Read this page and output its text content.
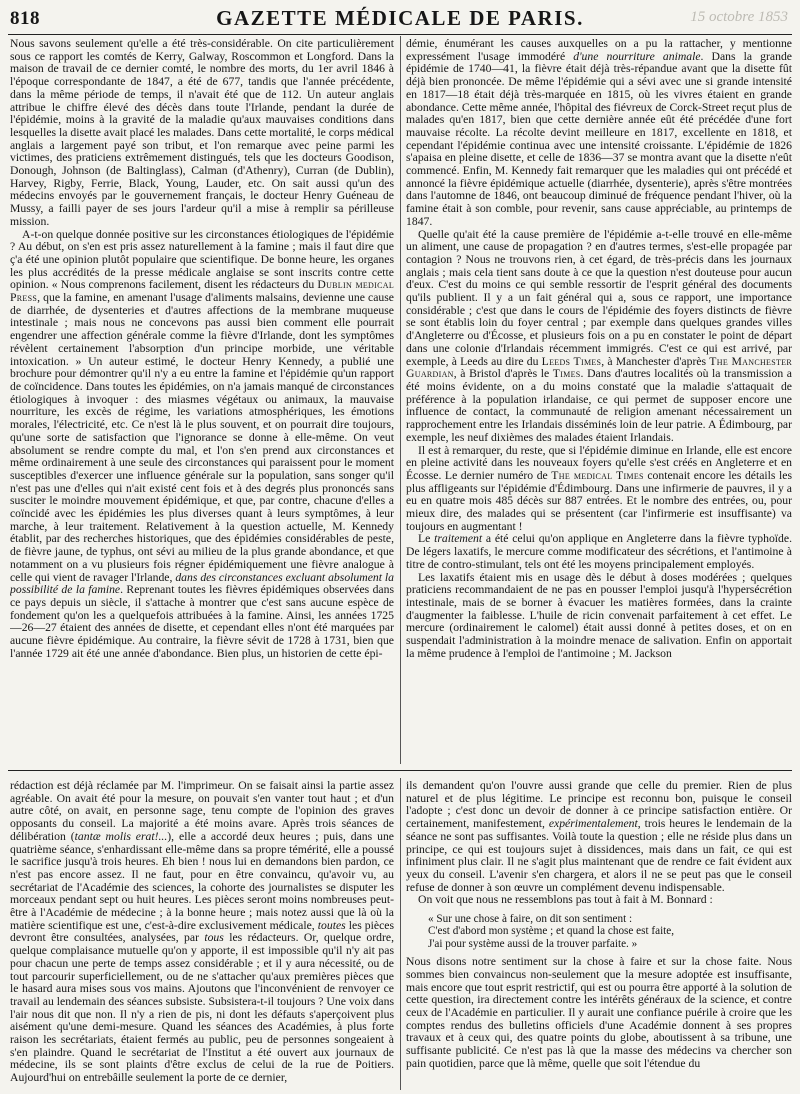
818	GAZETTE MÉDICALE DE PARIS.	15 octobre 1853

Nous savons seulement qu'elle a été très-considérable. On cite particulièrement sous ce rapport les comtés de Kerry, Galway, Roscommon et Longford. Dans la maison de travail de ce dernier comté, le nombre des morts, du 1er avril 1846 à l'époque correspondante de 1847, a été de 677, tandis que l'année précédente, dans la même période de temps, il n'avait été que de 112. Un auteur anglais attribue le chiffre élevé des décès dans toute l'Irlande, pendant la durée de l'épidémie, moins à la gravité de la maladie qu'aux mauvaises conditions dans lesquelles la disette avait placé les malades. Dans cette mortalité, le corps médical anglais a largement payé son tribut, et l'on remarque avec peine parmi les victimes, des praticiens extrêmement distingués, tels que les docteurs Goodison, Donough, Johnson (de Baltinglass), Calman (d'Athenry), Curran (de Dublin), Harvey, Rigby, Ferrie, Black, Young, Lauder, etc. On sait aussi qu'un des médecins envoyés par le gouvernement français, le docteur Henry Guéneau de Mussy, a failli payer de ses jours l'ardeur qu'il a mise à remplir sa périlleuse mission.

A-t-on quelque donnée positive sur les circonstances étiologiques de l'épidémie ? Au début, on s'en est pris assez naturellement à la famine ; mais il faut dire que ç'a été une opinion plutôt populaire que scientifique. De bonne heure, les organes les plus accrédités de la presse médicale anglaise se sont inscrits contre cette opinion. « Nous comprenons facilement, disent les rédacteurs du Dublin medical Press, que la famine, en amenant l'usage d'aliments malsains, devienne une cause de diarrhée, de dysenteries et d'autres affections de la membrane muqueuse intestinale ; mais nous ne concevons pas aussi bien comment elle pourrait engendrer une affection générale comme la fièvre d'Irlande, dont les symptômes révèlent certainement l'absorption d'un principe morbide, une véritable intoxication. » Un auteur estimé, le docteur Henry Kennedy, a publié une brochure pour démontrer qu'il n'y a eu entre la famine et l'épidémie qu'un rapport de coïncidence. Dans toutes les épidémies, on n'a jamais manqué de circonstances étiologiques à invoquer : des miasmes végétaux ou animaux, la mauvaise nourriture, les excès de régime, les variations atmosphériques, les émotions morales, l'électricité, etc. Ce n'est là le plus souvent, et on pourrait dire toujours, qu'une sorte de satisfaction que l'ignorance se donne à elle-même. On veut absolument se rendre compte du mal, et l'on s'en prend aux circonstances et même ordinairement à une seule des circonstances qui paraissent pour le moment susceptibles d'exercer une influence générale sur la population, sans songer qu'il n'est pas une d'elles qui n'ait existé cent fois et à des degrés plus prononcés sans susciter le moindre mouvement épidémique, et que, par contre, chacune d'elles a coïncidé avec les épidémies les plus diverses quant à leurs symptômes, à leur marche, à leur traitement. Relativement à la question actuelle, M. Kennedy établit, par des recherches historiques, que des épidémies considérables de peste, de fièvre jaune, de typhus, ont sévi au milieu de la plus grande abondance, et que notamment on a vu plusieurs fois régner épidémiquement une fièvre analogue à celle qui vient de ravager l'Irlande, dans des circonstances excluant absolument la possibilité de la famine. Reprenant toutes les fièvres épidémiques observées dans ce pays depuis un siècle, il s'attache à montrer que c'est sans aucune espèce de fondement qu'on les a quelquefois attribuées à la famine. Ainsi, les années 1725—26—27 étaient des années de disette, et cependant elles n'ont été marquées par aucune fièvre épidémique. Au contraire, la fièvre sévit de 1728 à 1731, bien que l'année 1729 ait été une année d'abondance. Bien plus, un historien de cette épi-

démie, énumérant les causes auxquelles on a pu la rattacher, y mentionne expressément l'usage immodéré d'une nourriture animale. Dans la grande épidémie de 1740—41, la fièvre était déjà très-répandue avant que la disette fût déjà bien prononcée. De même l'épidémie qui a sévi avec une si grande intensité en 1817—18 était déjà très-marquée en 1815, où les vivres étaient en grande abondance. Cette même année, l'hôpital des fiévreux de Corck-Street reçut plus de malades qu'en 1817, bien que cette dernière année eût été précédée d'une fort mauvaise récolte. La récolte devint meilleure en 1817, excellente en 1818, et cependant l'épidémie continua avec une intensité croissante. L'épidémie de 1826 s'apaisa en pleine disette, et celle de 1836—37 se montra avant que la disette n'eût commencé. Enfin, M. Kennedy fait remarquer que les maladies qui ont précédé et annoncé la fièvre épidémique actuelle (diarrhée, dysenterie), après s'être montrées dans l'automne de 1846, ont beaucoup diminué de fréquence pendant l'hiver, où la famine était à son comble, pour revenir, sans cause appréciable, au printemps de 1847.

Quelle qu'ait été la cause première de l'épidémie a-t-elle trouvé en elle-même un aliment, une cause de propagation ? en d'autres termes, s'est-elle propagée par contagion ? Nous ne trouvons rien, à cet égard, de très-précis dans les journaux anglais ; mais cela tient sans doute à ce que la question n'est douteuse pour aucun d'eux. C'est du moins ce qui semble ressortir de l'esprit général des documents qu'ils publient. Il y a un fait général qui a, sous ce rapport, une importance considérable ; c'est que dans le cours de l'épidémie des foyers distincts de fièvre se sont établis loin du foyer central ; par exemple dans quelques grandes villes d'Angleterre ou d'Écosse, et plusieurs fois on a pu en constater le point de départ dans une colonie d'Irlandais récemment immigrés. C'est ce qui est arrivé, par exemple, à Leeds au dire du Leeds Times, à Manchester d'après The Manchester Guardian, à Bristol d'après le Times. Dans d'autres localités où la transmission a été moins évidente, on a du moins constaté que la maladie s'attaquait de préférence à la population irlandaise, ce qui permet de supposer encore une influence de contact, la communauté de religion amenant nécessairement un rapprochement entre les Irlandais disséminés loin de leur patrie. A Édimbourg, par exemple, les neuf dixièmes des malades étaient Irlandais.

Il est à remarquer, du reste, que si l'épidémie diminue en Irlande, elle est encore en pleine activité dans les nouveaux foyers qu'elle s'est créés en Angleterre et en Écosse. Le dernier numéro de The medical Times contenait encore les détails les plus affligeants sur l'épidémie d'Édimbourg. Dans une infirmerie de pauvres, il y a eu en quatre mois 485 décès sur 887 entrées. Et le nombre des entrées, ou, pour mieux dire, des malades qui se présentent (car l'infirmerie est insuffisante) va toujours en augmentant !

Le traitement a été celui qu'on applique en Angleterre dans la fièvre typhoïde. De légers laxatifs, le mercure comme modificateur des sécrétions, et l'antimoine à titre de contro-stimulant, tels ont été les moyens principalement employés.

Les laxatifs étaient mis en usage dès le début à doses modérées ; quelques praticiens recommandaient de ne pas en pousser l'emploi jusqu'à l'hypersécrétion intestinale, mais de se borner à évacuer les matières formées, dans la crainte d'augmenter la faiblesse. L'huile de ricin convenait parfaitement à cet effet. Le mercure (ordinairement le calomel) était aussi donné à petites doses, et on en suspendait l'administration à la moindre menace de salivation. Enfin on apportait la même prudence à l'emploi de l'antimoine ; M. Jackson

rédaction est déjà réclamée par M. l'imprimeur. On se faisait ainsi la partie assez agréable. On avait été pour la mesure, on pouvait s'en vanter tout haut ; et d'un autre côté, on avait, en personne sage, tenu compte de l'opinion des graves opposants du conseil. La majorité a été moins avare. Après trois séances de délibération (tantæ molis erat!...), elle a accordé deux heures ; puis, dans une quatrième séance, s'enhardissant elle-même dans sa propre témérité, elle a poussé le sacrifice jusqu'à trois heures. Eh bien ! nous lui en demandons bien pardon, ce n'est pas encore assez. Il ne faut, pour en être convaincu, qu'avoir vu, au secrétariat de l'Académie des sciences, la cohorte des journalistes se disputer les morceaux pendant sept ou huit heures. Les pièces seront moins nombreuses peut-être à l'Académie de médecine ; à la bonne heure ; mais notez aussi que là où la matière scientifique est une, c'est-à-dire exclusivement médicale, toutes les pièces devront être consultées, analysées, par tous les rédacteurs. Or, quelque ordre, quelque complaisance mutuelle qu'on y apporte, il est impossible qu'il n'y ait pas pour chacun une perte de temps assez considérable ; et il y aura nécessité, ou de tout parcourir superficiellement, ou de ne s'attacher qu'aux premières pièces que le hasard aura mises sous vos mains. Ajoutons que l'inconvénient de renvoyer ce travail au lendemain des séances subsiste. Subsistera-t-il toujours ? Une voix dans l'air nous dit que non. Il n'y a rien de pis, ni dont les défauts s'aperçoivent plus aisément qu'une demi-mesure. Quand les séances des Académies, à plus forte raison les secrétariats, étaient fermés au public, peu de personnes songeaient à s'en plaindre. Quand le secrétariat de l'Institut a été ouvert aux journaux de médecine, ils se sont plaints d'être exclus de celui de la rue de Poitiers. Aujourd'hui on entrebâille seulement la porte de ce dernier,

ils demandent qu'on l'ouvre aussi grande que celle du premier. Rien de plus naturel et de plus légitime. Le principe est reconnu bon, puisque le conseil l'adopte ; c'est donc un devoir de donner à ce principe satisfaction entière. Or certainement, manifestement, expérimentalement, trois heures le lendemain de la séance ne sont pas suffisantes. Voilà toute la question ; elle ne réside plus dans un principe, ce qui est toujours sujet à dissidences, mais dans un fait, ce qui est infiniment plus clair. Il ne s'agit plus maintenant que de rendre ce fait évident aux yeux du conseil. L'avenir s'en chargera, et alors il ne se peut pas que le conseil refuse de donner à son œuvre un complément devenu indispensable.

On voit que nous ne ressemblons pas tout à fait à M. Bonnard :

« Sur une chose à faire, on dit son sentiment :
C'est d'abord mon système ; et quand la chose est faite,
J'ai pour système aussi de la trouver parfaite. »

Nous disons notre sentiment sur la chose à faire et sur la chose faite. Nous sommes bien convaincus non-seulement que la mesure adoptée est insuffisante, mais encore que tout esprit restrictif, qui est ou pourra être apporté à la solution de cette question, ira directement contre les intérêts généraux de la science, et contre ceux de l'Académie en particulier. Il y aurait une confiance puérile à croire que les comptes rendus des bulletins officiels d'une Académie donnent à ses propres travaux et à ceux qui, des quatre points du globe, aboutissent à sa tribune, une suffisante publicité. Ce n'est pas là que la masse des médecins va chercher son pain quotidien, parce que là même, quelle que soit l'étendue du
